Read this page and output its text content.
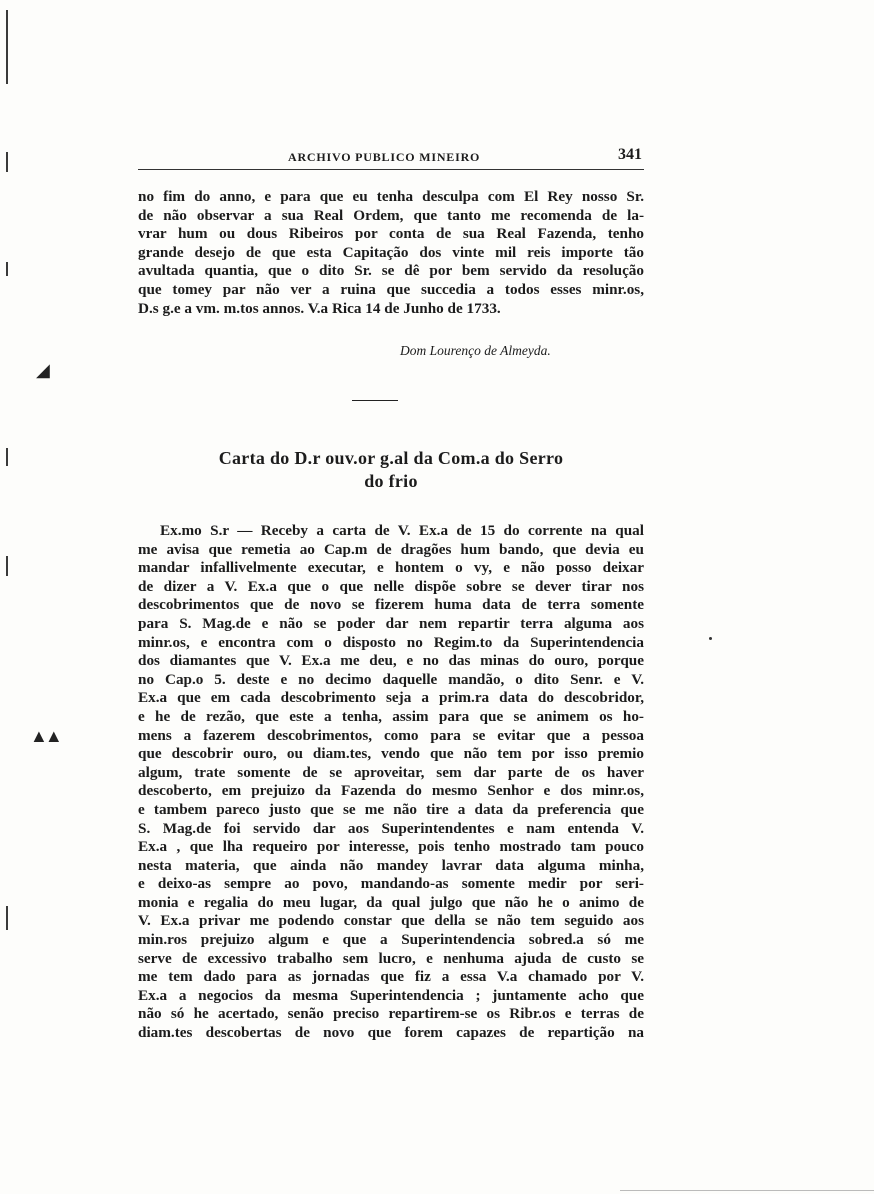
◢
▲▲
ARCHIVO PUBLICO MINEIRO	341
no fim do anno, e para que eu tenha desculpa com El Rey nosso Sr.
de não observar a sua Real Ordem, que tanto me recomenda de la-
vrar hum ou dous Ribeiros por conta de sua Real Fazenda, tenho
grande desejo de que esta Capitação dos vinte mil reis importe tão
avultada quantia, que o dito Sr. se dê por bem servido da resolução
que tomey par não ver a ruina que succedia a todos esses minr.os,
D.s g.e a vm. m.tos annos. V.a Rica 14 de Junho de 1733.
Dom Lourenço de Almeyda.
Carta do D.r ouv.or g.al da Com.a do Serro
do frio
Ex.mo S.r — Receby a carta de V. Ex.a de 15 do corrente na qual
me avisa que remetia ao Cap.m de dragões hum bando, que devia eu
mandar infallivelmente executar, e hontem o vy, e não posso deixar
de dizer a V. Ex.a que o que nelle dispõe sobre se dever tirar nos
descobrimentos que de novo se fizerem huma data de terra somente
para S. Mag.de e não se poder dar nem repartir terra alguma aos
minr.os, e encontra com o disposto no Regim.to da Superintendencia
dos diamantes que V. Ex.a me deu, e no das minas do ouro, porque
no Cap.o 5. deste e no decimo daquelle mandão, o dito Senr. e V.
Ex.a que em cada descobrimento seja a prim.ra data do descobridor,
e he de rezão, que este a tenha, assim para que se animem os ho-
mens a fazerem descobrimentos, como para se evitar que a pessoa
que descobrir ouro, ou diam.tes, vendo que não tem por isso premio
algum, trate somente de se aproveitar, sem dar parte de os haver
descoberto, em prejuizo da Fazenda do mesmo Senhor e dos minr.os,
e tambem pareco justo que se me não tire a data da preferencia que
S. Mag.de foi servido dar aos Superintendentes e nam entenda V.
Ex.a , que lha requeiro por interesse, pois tenho mostrado tam pouco
nesta materia, que ainda não mandey lavrar data alguma minha,
e deixo-as sempre ao povo, mandando-as somente medir por seri-
monia e regalia do meu lugar, da qual julgo que não he o animo de
V. Ex.a privar me podendo constar que della se não tem seguido aos
min.ros prejuizo algum e que a Superintendencia sobred.a só me
serve de excessivo trabalho sem lucro, e nenhuma ajuda de custo se
me tem dado para as jornadas que fiz a essa V.a chamado por V.
Ex.a a negocios da mesma Superintendencia ; juntamente acho que
não só he acertado, senão preciso repartirem-se os Ribr.os e terras de
diam.tes descobertas de novo que forem capazes de repartição na
